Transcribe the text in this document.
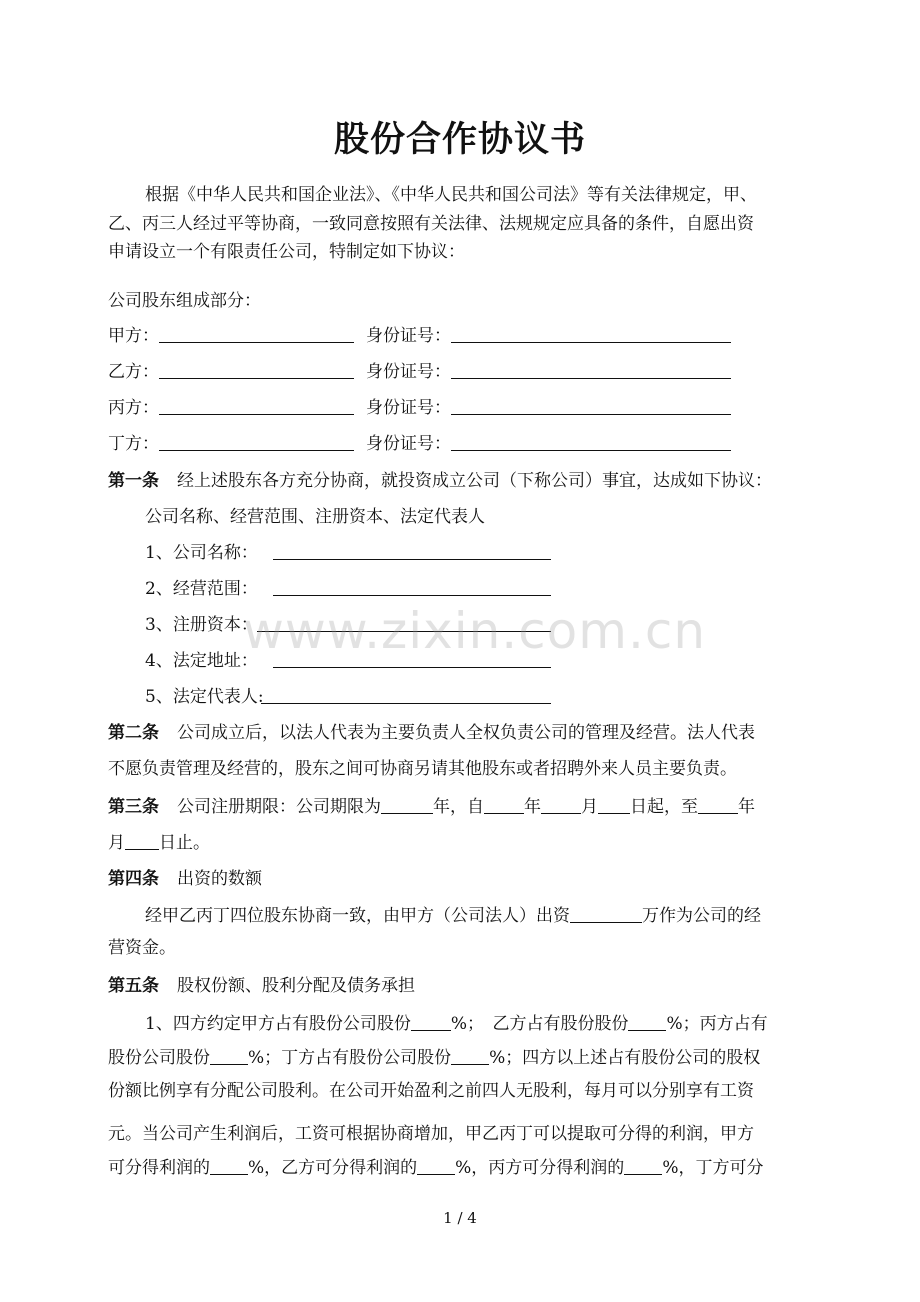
股份合作协议书
根据《中华人民共和国企业法》、《中华人民共和国公司法》等有关法律规定，甲、
乙、丙三人经过平等协商，一致同意按照有关法律、法规规定应具备的条件，自愿出资
申请设立一个有限责任公司，特制定如下协议：
公司股东组成部分：
甲方：	身份证号：
乙方：	身份证号：
丙方：	身份证号：
丁方：	身份证号：
第一条 经上述股东各方充分协商，就投资成立公司（下称公司）事宜，达成如下协议：
公司名称、经营范围、注册资本、法定代表人
1、公司名称：
2、经营范围：
3、注册资本：
4、法定地址：
5、法定代表人:
第二条 公司成立后，以法人代表为主要负责人全权负责公司的管理及经营。法人代表
不愿负责管理及经营的，股东之间可协商另请其他股东或者招聘外来人员主要负责。
第三条 公司注册期限：公司期限为	年，自 年 月 日起，至 年
月 日止。
第四条 出资的数额
经甲乙丙丁四位股东协商一致，由甲方（公司法人）出资	万作为公司的经
营资金。
第五条 股权份额、股利分配及债务承担
1、四方约定甲方占有股份公司股份 %；　乙方占有股份股份 %；丙方占有
股份公司股份 %；丁方占有股份公司股份 %；四方以上述占有股份公司的股权
份额比例享有分配公司股利。在公司开始盈利之前四人无股利，每月可以分别享有工资
元。当公司产生利润后，工资可根据协商增加，甲乙丙丁可以提取可分得的利润，甲方
可分得利润的 %，乙方可分得利润的 %，丙方可分得利润的 %，丁方可分
www.zixin.com.cn
1 / 4
